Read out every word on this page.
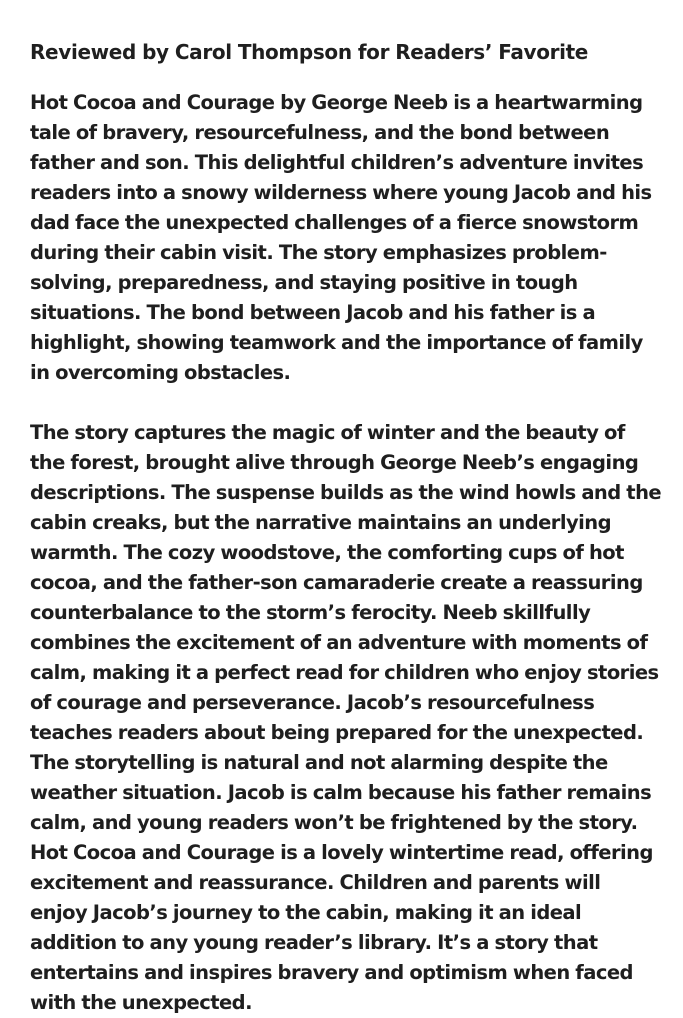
Reviewed by Carol Thompson for Readers’ Favorite

Hot Cocoa and Courage by George Neeb is a heartwarming tale of bravery, resourcefulness, and the bond between father and son. This delightful children’s adventure invites readers into a snowy wilderness where young Jacob and his dad face the unexpected challenges of a fierce snowstorm during their cabin visit. The story emphasizes problem-solving, preparedness, and staying positive in tough situations. The bond between Jacob and his father is a highlight, showing teamwork and the importance of family in overcoming obstacles.

The story captures the magic of winter and the beauty of the forest, brought alive through George Neeb’s engaging descriptions. The suspense builds as the wind howls and the cabin creaks, but the narrative maintains an underlying warmth. The cozy woodstove, the comforting cups of hot cocoa, and the father-son camaraderie create a reassuring counterbalance to the storm’s ferocity. Neeb skillfully combines the excitement of an adventure with moments of calm, making it a perfect read for children who enjoy stories of courage and perseverance. Jacob’s resourcefulness teaches readers about being prepared for the unexpected. The storytelling is natural and not alarming despite the weather situation. Jacob is calm because his father remains calm, and young readers won’t be frightened by the story. Hot Cocoa and Courage is a lovely wintertime read, offering excitement and reassurance. Children and parents will enjoy Jacob’s journey to the cabin, making it an ideal addition to any young reader’s library. It’s a story that entertains and inspires bravery and optimism when faced with the unexpected.
